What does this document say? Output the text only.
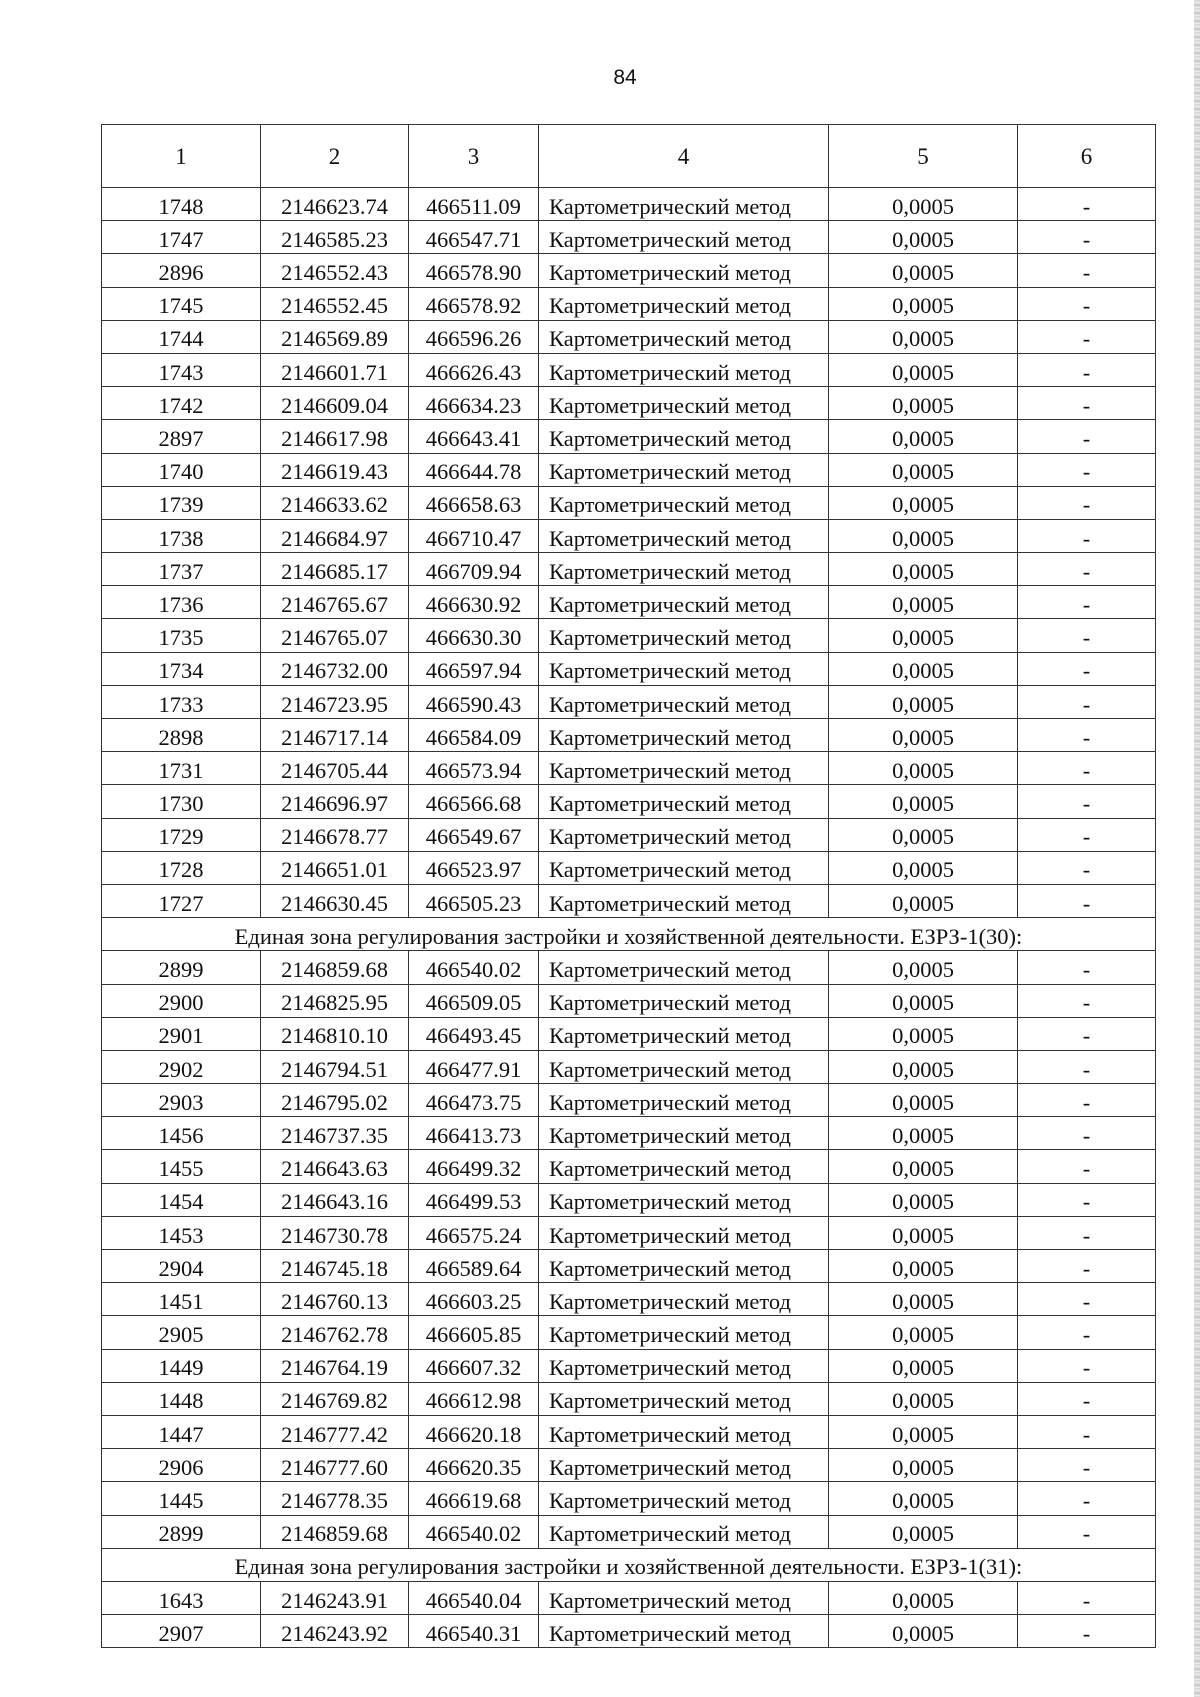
84
1	2	3	4	5	6
1748	2146623.74	466511.09	Картометрический метод	0,0005	-
1747	2146585.23	466547.71	Картометрический метод	0,0005	-
2896	2146552.43	466578.90	Картометрический метод	0,0005	-
1745	2146552.45	466578.92	Картометрический метод	0,0005	-
1744	2146569.89	466596.26	Картометрический метод	0,0005	-
1743	2146601.71	466626.43	Картометрический метод	0,0005	-
1742	2146609.04	466634.23	Картометрический метод	0,0005	-
2897	2146617.98	466643.41	Картометрический метод	0,0005	-
1740	2146619.43	466644.78	Картометрический метод	0,0005	-
1739	2146633.62	466658.63	Картометрический метод	0,0005	-
1738	2146684.97	466710.47	Картометрический метод	0,0005	-
1737	2146685.17	466709.94	Картометрический метод	0,0005	-
1736	2146765.67	466630.92	Картометрический метод	0,0005	-
1735	2146765.07	466630.30	Картометрический метод	0,0005	-
1734	2146732.00	466597.94	Картометрический метод	0,0005	-
1733	2146723.95	466590.43	Картометрический метод	0,0005	-
2898	2146717.14	466584.09	Картометрический метод	0,0005	-
1731	2146705.44	466573.94	Картометрический метод	0,0005	-
1730	2146696.97	466566.68	Картометрический метод	0,0005	-
1729	2146678.77	466549.67	Картометрический метод	0,0005	-
1728	2146651.01	466523.97	Картометрический метод	0,0005	-
1727	2146630.45	466505.23	Картометрический метод	0,0005	-
Единая зона регулирования застройки и хозяйственной деятельности. ЕЗРЗ-1(30):					
2899	2146859.68	466540.02	Картометрический метод	0,0005	-
2900	2146825.95	466509.05	Картометрический метод	0,0005	-
2901	2146810.10	466493.45	Картометрический метод	0,0005	-
2902	2146794.51	466477.91	Картометрический метод	0,0005	-
2903	2146795.02	466473.75	Картометрический метод	0,0005	-
1456	2146737.35	466413.73	Картометрический метод	0,0005	-
1455	2146643.63	466499.32	Картометрический метод	0,0005	-
1454	2146643.16	466499.53	Картометрический метод	0,0005	-
1453	2146730.78	466575.24	Картометрический метод	0,0005	-
2904	2146745.18	466589.64	Картометрический метод	0,0005	-
1451	2146760.13	466603.25	Картометрический метод	0,0005	-
2905	2146762.78	466605.85	Картометрический метод	0,0005	-
1449	2146764.19	466607.32	Картометрический метод	0,0005	-
1448	2146769.82	466612.98	Картометрический метод	0,0005	-
1447	2146777.42	466620.18	Картометрический метод	0,0005	-
2906	2146777.60	466620.35	Картометрический метод	0,0005	-
1445	2146778.35	466619.68	Картометрический метод	0,0005	-
2899	2146859.68	466540.02	Картометрический метод	0,0005	-
Единая зона регулирования застройки и хозяйственной деятельности. ЕЗРЗ-1(31):					
1643	2146243.91	466540.04	Картометрический метод	0,0005	-
2907	2146243.92	466540.31	Картометрический метод	0,0005	-
